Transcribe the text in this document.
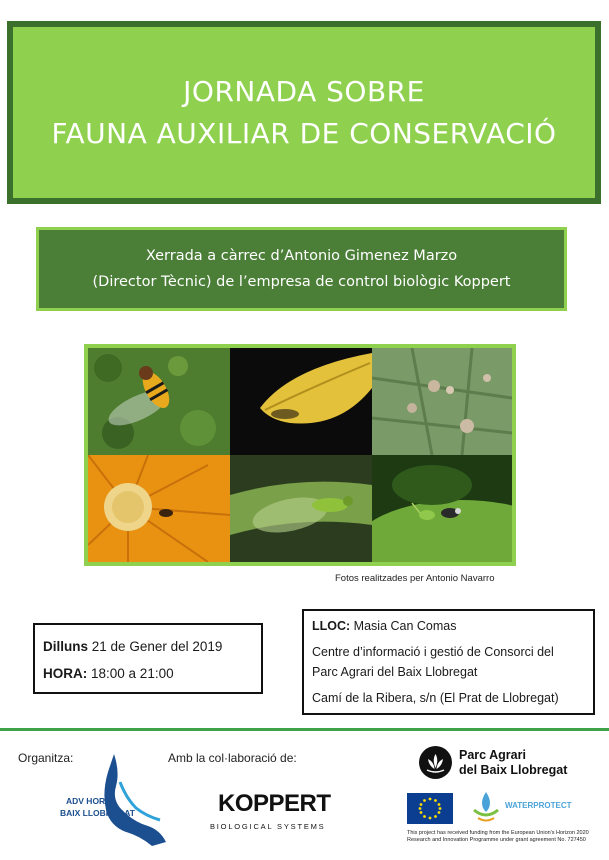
JORNADA SOBRE
FAUNA AUXILIAR DE CONSERVACIÓ
Xerrada a càrrec d’Antonio Gimenez Marzo
(Director Tècnic) de l’empresa de control biològic Koppert
Fotos realitzades per Antonio Navarro
Dilluns 21 de Gener del 2019
HORA: 18:00 a 21:00
LLOC: Masia Can Comas
Centre d’informació i gestió de Consorci del
Parc Agrari del Baix Llobregat
Camí de la Ribera, s/n (El Prat de Llobregat)
Organitza:	Amb la col·laboració de:
ADV HORTA
BAIX LLOBREGAT	KOPPERT
BIOLOGICAL SYSTEMS
Parc Agrari
del Baix Llobregat
WATERPROTECT
This project has received funding from the European Union's Horizon 2020
Research and Innovation Programme under grant agreement No. 727450
